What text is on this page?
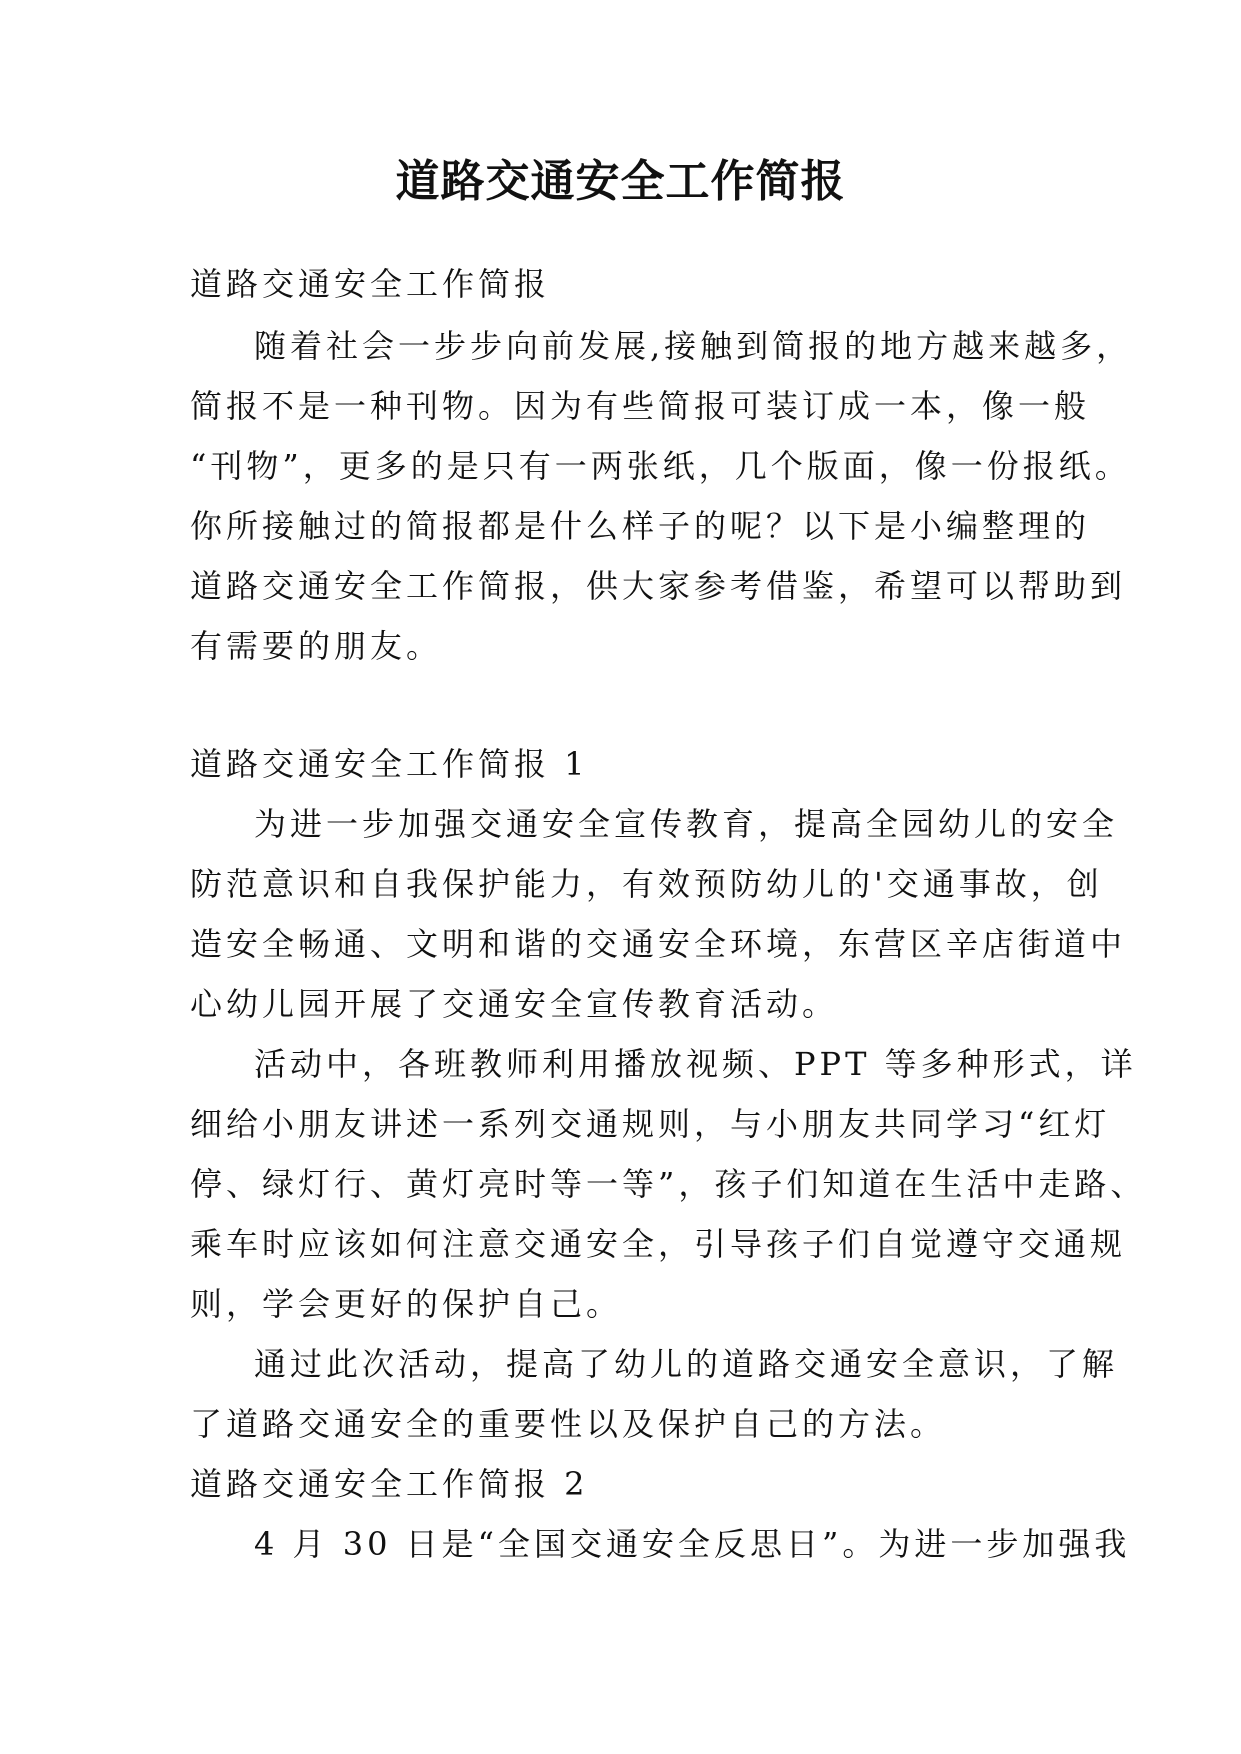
道路交通安全工作简报
道路交通安全工作简报
随着社会一步步向前发展,接触到简报的地方越来越多，
简报不是一种刊物。因为有些简报可装订成一本，像一般
“刊物”，更多的是只有一两张纸，几个版面，像一份报纸。
你所接触过的简报都是什么样子的呢？以下是小编整理的
道路交通安全工作简报，供大家参考借鉴，希望可以帮助到
有需要的朋友。
道路交通安全工作简报 1
为进一步加强交通安全宣传教育，提高全园幼儿的安全
防范意识和自我保护能力，有效预防幼儿的'交通事故，创
造安全畅通、文明和谐的交通安全环境，东营区辛店街道中
心幼儿园开展了交通安全宣传教育活动。
活动中，各班教师利用播放视频、PPT 等多种形式，详
细给小朋友讲述一系列交通规则，与小朋友共同学习“红灯
停、绿灯行、黄灯亮时等一等”，孩子们知道在生活中走路、
乘车时应该如何注意交通安全，引导孩子们自觉遵守交通规
则，学会更好的保护自己。
通过此次活动，提高了幼儿的道路交通安全意识，了解
了道路交通安全的重要性以及保护自己的方法。
道路交通安全工作简报 2
4 月 30 日是“全国交通安全反思日”。为进一步加强我
